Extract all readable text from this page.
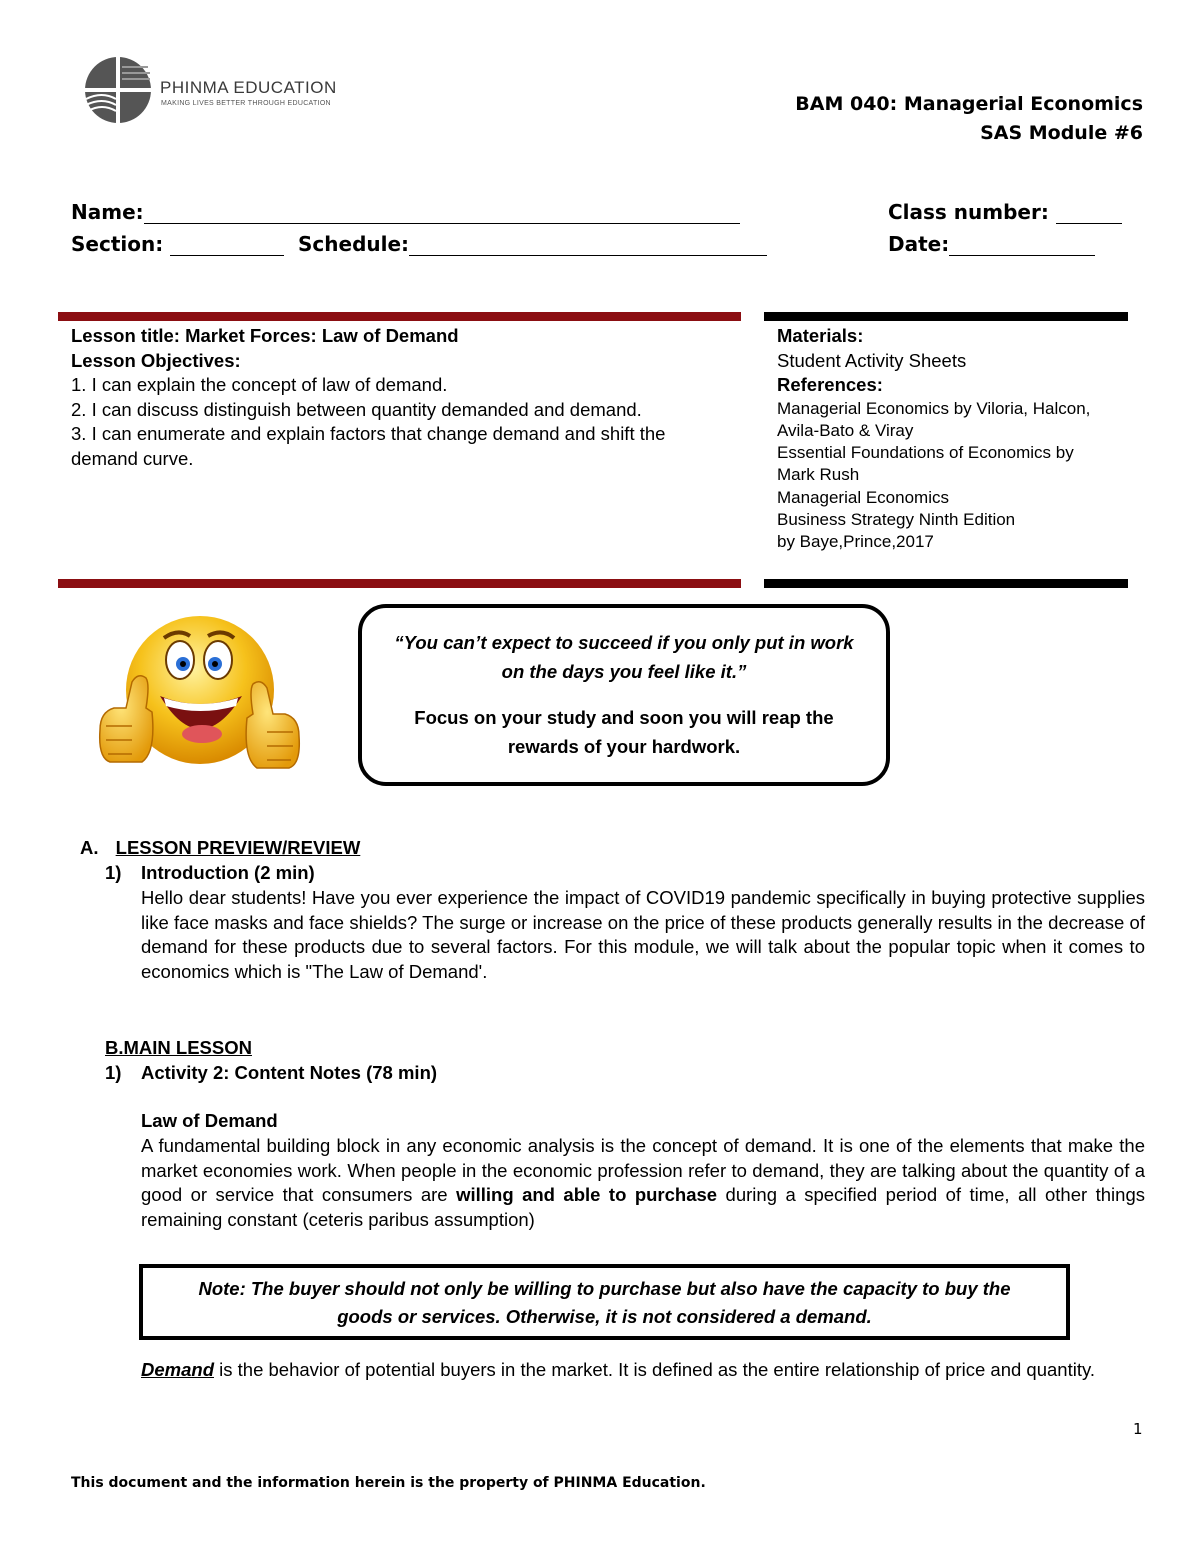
PHINMA EDUCATION
MAKING LIVES BETTER THROUGH EDUCATION	BAM 040: Managerial Economics
SAS Module #6
Name:	Class number:
Section:	Schedule:	Date:
Lesson title: Market Forces: Law of Demand
Lesson Objectives:
1. I can explain the concept of law of demand.
2. I can discuss distinguish between quantity demanded and demand.
3. I can enumerate and explain factors that change demand and shift the demand curve.
Materials:
Student Activity Sheets
References:
Managerial Economics by Viloria, Halcon, Avila-Bato & Viray
Essential Foundations of Economics by Mark Rush
Managerial Economics Business Strategy Ninth Edition by Baye,Prince,2017
“You can’t expect to succeed if you only put in work on the days you feel like it.”
Focus on your study and soon you will reap the rewards of your hardwork.
A. LESSON PREVIEW/REVIEW
1) Introduction (2 min)
Hello dear students! Have you ever experience the impact of COVID19 pandemic specifically in buying protective supplies like face masks and face shields? The surge or increase on the price of these products generally results in the decrease of demand for these products due to several factors. For this module, we will talk about the popular topic when it comes to economics which is "The Law of Demand'.
B.MAIN LESSON
1) Activity 2: Content Notes (78 min)
Law of Demand
A fundamental building block in any economic analysis is the concept of demand. It is one of the elements that make the market economies work. When people in the economic profession refer to demand, they are talking about the quantity of a good or service that consumers are willing and able to purchase during a specified period of time, all other things remaining constant (ceteris paribus assumption)
Note: The buyer should not only be willing to purchase but also have the capacity to buy the goods or services. Otherwise, it is not considered a demand.
Demand is the behavior of potential buyers in the market. It is defined as the entire relationship of price and quantity.
1
This document and the information herein is the property of PHINMA Education.
